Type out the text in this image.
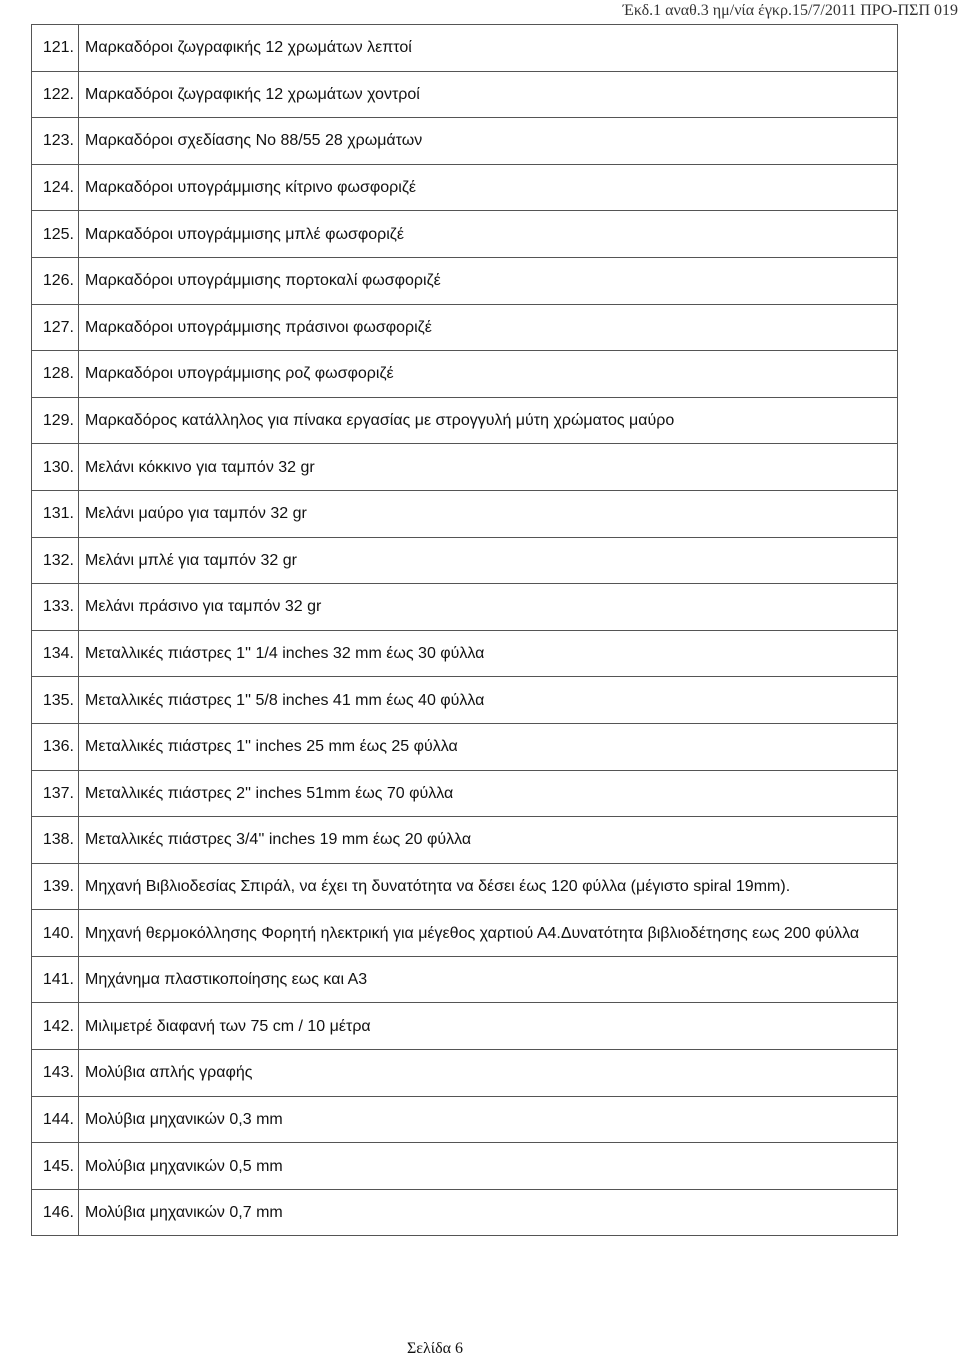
Έκδ.1 αναθ.3 ημ/νία έγκρ.15/7/2011 ΠΡΟ-ΠΣΠ 019
121.	Μαρκαδόροι ζωγραφικής 12 χρωμάτων λεπτοί
122.	Μαρκαδόροι ζωγραφικής 12 χρωμάτων χοντροί
123.	Μαρκαδόροι σχεδίασης Νο 88/55 28 χρωμάτων
124.	Μαρκαδόροι υπογράμμισης κίτρινο φωσφοριζέ
125.	Μαρκαδόροι υπογράμμισης μπλέ φωσφοριζέ
126.	Μαρκαδόροι υπογράμμισης πορτοκαλί φωσφοριζέ
127.	Μαρκαδόροι υπογράμμισης πράσινοι φωσφοριζέ
128.	Μαρκαδόροι υπογράμμισης ροζ φωσφοριζέ
129.	Μαρκαδόρος κατάλληλος για πίνακα εργασίας με στρογγυλή μύτη χρώματος μαύρο
130.	Μελάνι κόκκινο για ταμπόν 32 gr
131.	Μελάνι μαύρο για ταμπόν 32 gr
132.	Μελάνι μπλέ για ταμπόν 32 gr
133.	Μελάνι πράσινο για ταμπόν 32 gr
134.	Μεταλλικές πιάστρες 1'' 1/4 inches 32 mm έως 30 φύλλα
135.	Μεταλλικές πιάστρες 1'' 5/8 inches 41 mm έως 40 φύλλα
136.	Μεταλλικές πιάστρες 1'' inches 25 mm έως 25 φύλλα
137.	Μεταλλικές πιάστρες 2'' inches 51mm έως 70 φύλλα
138.	Μεταλλικές πιάστρες 3/4'' inches 19 mm έως 20 φύλλα
139.	Μηχανή Βιβλιοδεσίας Σπιράλ, να έχει τη δυνατότητα να δέσει έως 120 φύλλα (μέγιστο spiral 19mm).
140.	Μηχανή θερμοκόλλησης Φορητή ηλεκτρική για μέγεθος χαρτιού Α4.Δυνατότητα βιβλιοδέτησης εως 200 φύλλα
141.	Μηχάνημα πλαστικοποίησης εως και Α3
142.	Μιλιμετρέ διαφανή των 75 cm / 10 μέτρα
143.	Μολύβια απλής γραφής
144.	Μολύβια μηχανικών 0,3 mm
145.	Μολύβια μηχανικών 0,5 mm
146.	Μολύβια μηχανικών 0,7 mm
Σελίδα 6
